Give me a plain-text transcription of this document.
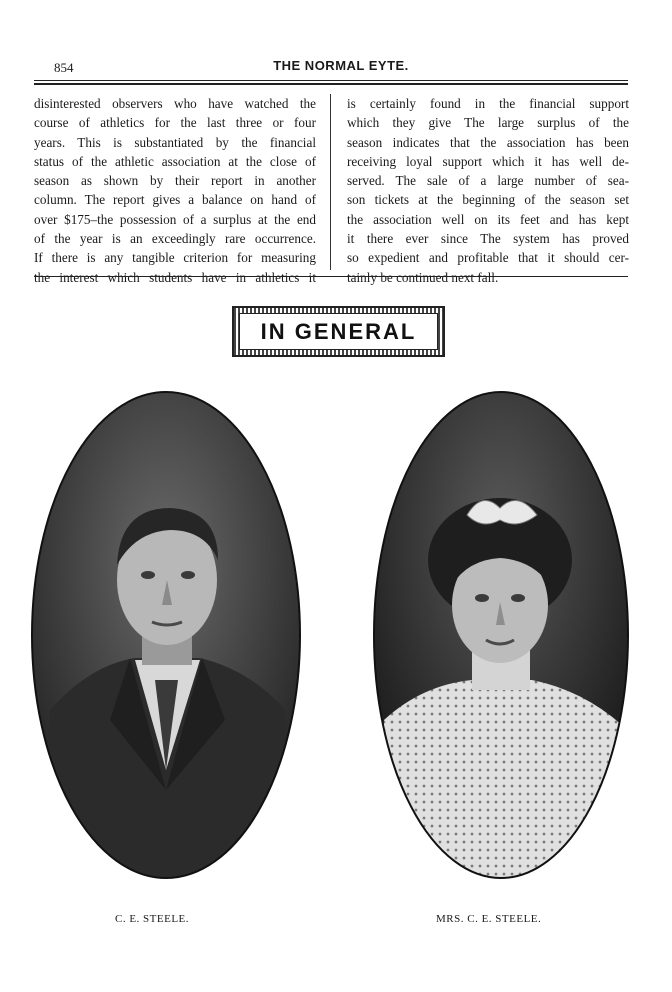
854	THE NORMAL EYTE.
disinterested observers who have watched the
course of athletics for the last three or four
years. This is substantiated by the financial
status of the athletic association at the close of
season as shown by their report in another
column. The report gives a balance on hand of
over $175–the possession of a surplus at the end
of the year is an exceedingly rare occurrence.
If there is any tangible criterion for measuring
the interest which students have in athletics it
is certainly found in the financial support
which they give The large surplus of the
season indicates that the association has been
receiving loyal support which it has well de-
served. The sale of a large number of sea-
son tickets at the beginning of the season set
the association well on its feet and has kept
it there ever since The system has proved
so expedient and profitable that it should cer-
tainly be continued next fall.
IN GENERAL
C. E. STEELE.	MRS. C. E. STEELE.
